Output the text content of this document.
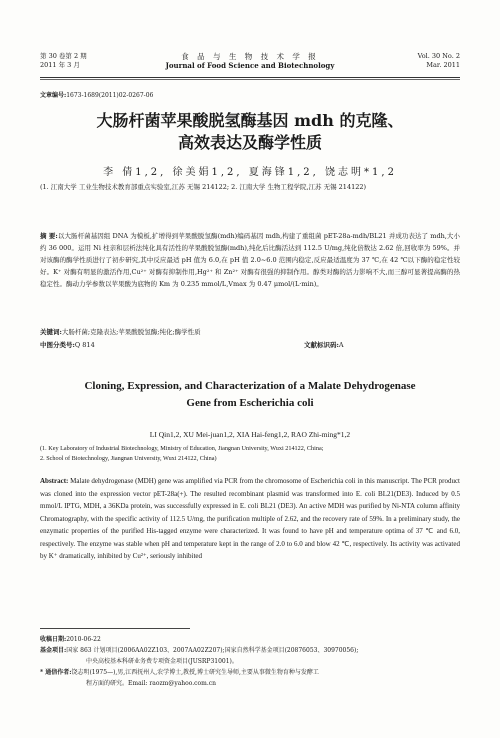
第 30 卷第 2 期
2011 年 3 月
食 品 与 生 物 技 术 学 报
Journal of Food Science and Biotechnology
Vol. 30 No. 2
Mar. 2011
文章编号:1673-1689(2011)02-0267-06
大肠杆菌苹果酸脱氢酶基因 mdh 的克隆、
高效表达及酶学性质
李 倩1,2, 徐美娟1,2, 夏海锋1,2, 饶志明*1,2
(1. 江南大学 工业生物技术教育部重点实验室,江苏 无锡 214122; 2. 江南大学 生物工程学院,江苏 无锡 214122)
摘 要:以大肠杆菌基因组 DNA 为模板,扩增得到苹果酸脱氢酶(mdh)编码基因 mdh,构建了重组菌 pET-28a-mdh/BL21 并成功表达了 mdh,大小约 36 000。运用 Ni 柱亲和层析法纯化具有活性的苹果酸脱氢酶(mdh),纯化后比酶活达到 112.5 U/mg,纯化倍数达 2.62 倍,回收率为 59%。并对该酶的酶学性质进行了初步研究,其中反应最适 pH 值为 6.0,在 pH 值 2.0~6.0 范围内稳定,反应最适温度为 37 ℃,在 42 ℃以下酶的稳定性较好。K⁺ 对酶有明显的激活作用,Cu²⁺ 对酶有抑制作用,Hg²⁺ 和 Zn²⁺ 对酶有很强的抑制作用。醇类对酶的活力影响不大,而三醇可显著提高酶的热稳定性。酶动力学参数以苹果酸为底物的 Km 为 0.235 mmol/L,Vmax 为 0.47 μmol/(L·min)。
关键词:大肠杆菌;克隆表达;苹果酸脱氢酶;纯化;酶学性质
中图分类号:Q 814	文献标识码:A
Cloning, Expression, and Characterization of a Malate Dehydrogenase
Gene from Escherichia coli
LI Qin1,2, XU Mei-juan1,2, XIA Hai-feng1,2, RAO Zhi-ming*1,2
(1. Key Laboratory of Industrial Biotechnology, Ministry of Education, Jiangnan University, Wuxi 214122, China;
2. School of Biotechnology, Jiangnan University, Wuxi 214122, China)
Abstract: Malate dehydrogenase (MDH) gene was amplified via PCR from the chromosome of Escherichia coli in this manuscript. The PCR product was cloned into the expression vector pET-28a(+). The resulted recombinant plasmid was transformed into E. coli BL21(DE3). Induced by 0.5 mmol/L IPTG, MDH, a 36KDa protein, was successfully expressed in E. coli BL21 (DE3). An active MDH was purified by Ni-NTA column affinity Chromatography, with the specific activity of 112.5 U/mg, the purification multiple of 2.62, and the recovery rate of 59%. In a preliminary study, the enzymatic properties of the purified His-tagged enzyme were characterized. It was found to have pH and temperature optima of 37 ℃ and 6.0, respectively. The enzyme was stable when pH and temperature kept in the range of 2.0 to 6.0 and blow 42 ℃, respectively. Its activity was activated by K⁺ dramatically, inhibited by Cu²⁺, seriously inhibited
收稿日期:2010-06-22
基金项目:国家 863 计划项目(2006AA02Z103、2007AA02Z207);国家自然科学基金项目(20876053、30970056);
中央高校基本科研业务费专项资金项目(JUSRP31001)。
* 通信作者:饶志明(1975—),男,江西抚州人,农学博士,教授,博士研究生导师,主要从事微生物育种与发酵工
程方面的研究。Email: raozm@yahoo.com.cn
